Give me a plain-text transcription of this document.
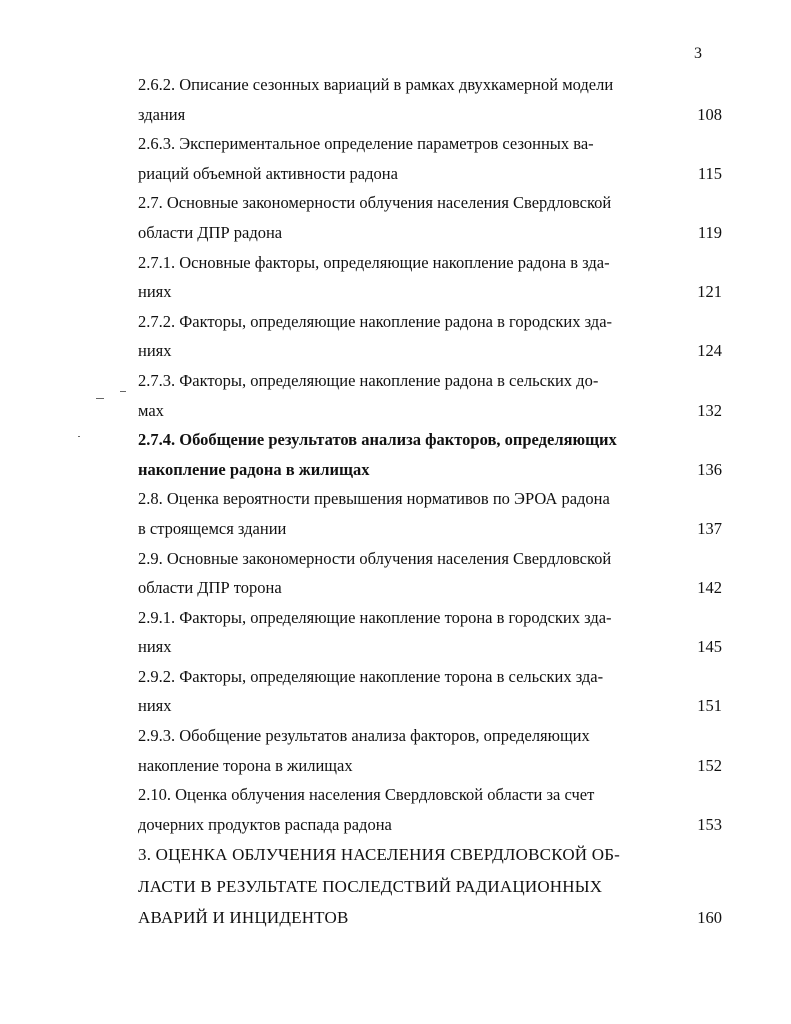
3
2.6.2. Описание сезонных вариаций в рамках двухкамерной модели
здания	108
2.6.3. Экспериментальное определение параметров сезонных ва-
риаций объемной активности радона	115
2.7. Основные закономерности облучения населения Свердловской
области ДПР радона	119
2.7.1. Основные факторы, определяющие накопление радона в зда-
ниях	121
2.7.2. Факторы, определяющие накопление радона в городских зда-
ниях	124
2.7.3. Факторы, определяющие накопление радона в сельских до-
мах	132
2.7.4. Обобщение результатов анализа факторов, определяющих
накопление радона в жилищах	136
2.8. Оценка вероятности превышения нормативов по ЭРОА радона
в строящемся здании	137
2.9. Основные закономерности облучения населения Свердловской
области ДПР торона	142
2.9.1. Факторы, определяющие накопление торона в городских зда-
ниях	145
2.9.2. Факторы, определяющие накопление торона в сельских зда-
ниях	151
2.9.3. Обобщение результатов анализа факторов, определяющих
накопление торона в жилищах	152
2.10. Оценка облучения населения Свердловской области за счет
дочерних продуктов распада радона	153
3. ОЦЕНКА ОБЛУЧЕНИЯ НАСЕЛЕНИЯ СВЕРДЛОВСКОЙ ОБ-
ЛАСТИ В РЕЗУЛЬТАТЕ ПОСЛЕДСТВИЙ РАДИАЦИОННЫХ
АВАРИЙ И ИНЦИДЕНТОВ	160
